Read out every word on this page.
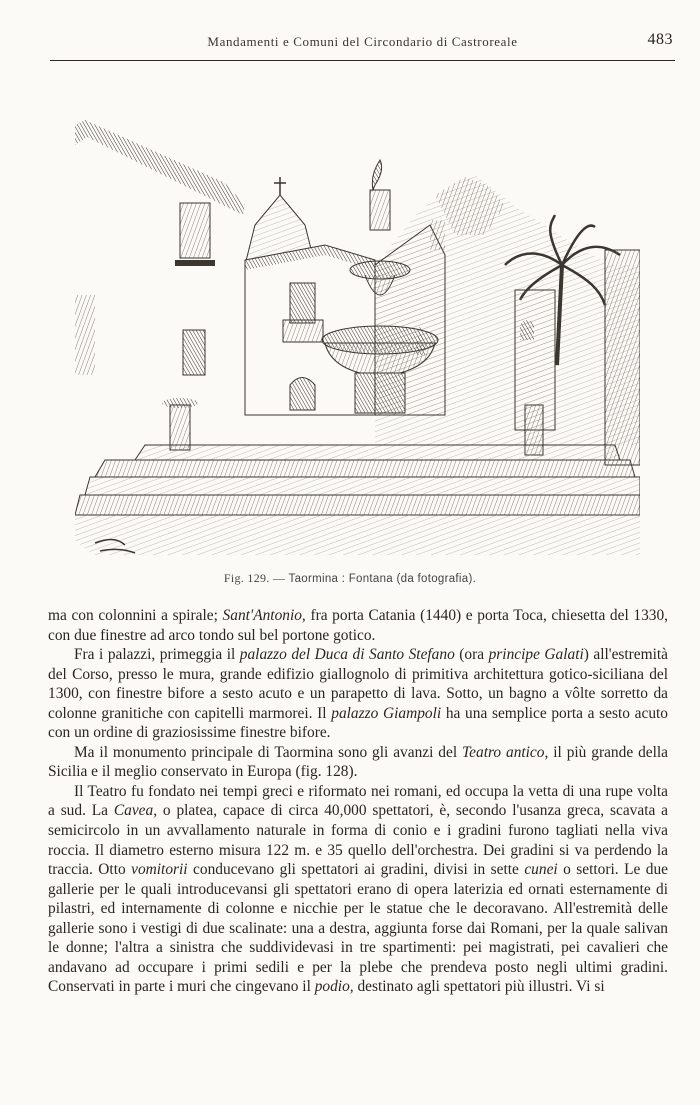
Mandamenti e Comuni del Circondario di Castroreale	483
Fig. 129. — Taormina : Fontana (da fotografia).

ma con colonnini a spirale; Sant'Antonio, fra porta Catania (1440) e porta Toca, chiesetta del 1330, con due finestre ad arco tondo sul bel portone gotico.

Fra i palazzi, primeggia il palazzo del Duca di Santo Stefano (ora principe Galati) all'estremità del Corso, presso le mura, grande edifizio giallognolo di primitiva architettura gotico-siciliana del 1300, con finestre bifore a sesto acuto e un parapetto di lava. Sotto, un bagno a vôlte sorretto da colonne granitiche con capitelli marmorei. Il palazzo Giampoli ha una semplice porta a sesto acuto con un ordine di graziosissime finestre bifore.

Ma il monumento principale di Taormina sono gli avanzi del Teatro antico, il più grande della Sicilia e il meglio conservato in Europa (fig. 128).

Il Teatro fu fondato nei tempi greci e riformato nei romani, ed occupa la vetta di una rupe volta a sud. La Cavea, o platea, capace di circa 40,000 spettatori, è, secondo l'usanza greca, scavata a semicircolo in un avvallamento naturale in forma di conio e i gradini furono tagliati nella viva roccia. Il diametro esterno misura 122 m. e 35 quello dell'orchestra. Dei gradini si va perdendo la traccia. Otto vomitorii conducevano gli spettatori ai gradini, divisi in sette cunei o settori. Le due gallerie per le quali introducevansi gli spettatori erano di opera laterizia ed ornati esternamente di pilastri, ed internamente di colonne e nicchie per le statue che le decoravano. All'estremità delle gallerie sono i vestigi di due scalinate: una a destra, aggiunta forse dai Romani, per la quale salivan le donne; l'altra a sinistra che suddividevasi in tre spartimenti: pei magistrati, pei cavalieri che andavano ad occupare i primi sedili e per la plebe che prendeva posto negli ultimi gradini. Conservati in parte i muri che cingevano il podio, destinato agli spettatori più illustri. Vi si
